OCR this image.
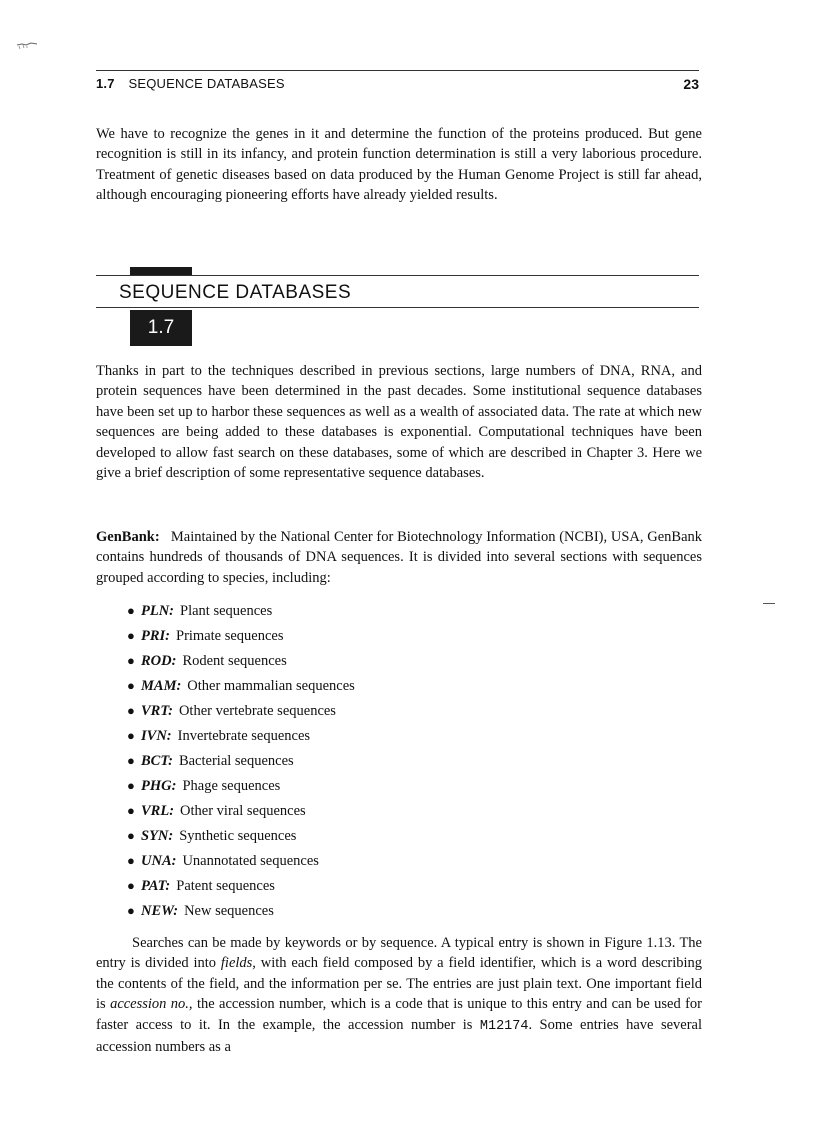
1.7 SEQUENCE DATABASES	23

We have to recognize the genes in it and determine the function of the proteins produced. But gene recognition is still in its infancy, and protein function determination is still a very laborious procedure. Treatment of genetic diseases based on data produced by the Human Genome Project is still far ahead, although encouraging pioneering efforts have already yielded results.

SEQUENCE DATABASES
1.7

Thanks in part to the techniques described in previous sections, large numbers of DNA, RNA, and protein sequences have been determined in the past decades. Some institutional sequence databases have been set up to harbor these sequences as well as a wealth of associated data. The rate at which new sequences are being added to these databases is exponential. Computational techniques have been developed to allow fast search on these databases, some of which are described in Chapter 3. Here we give a brief description of some representative sequence databases.

GenBank: Maintained by the National Center for Biotechnology Information (NCBI), USA, GenBank contains hundreds of thousands of DNA sequences. It is divided into several sections with sequences grouped according to species, including:

● PLN: Plant sequences
● PRI: Primate sequences
● ROD: Rodent sequences
● MAM: Other mammalian sequences
● VRT: Other vertebrate sequences
● IVN: Invertebrate sequences
● BCT: Bacterial sequences
● PHG: Phage sequences
● VRL: Other viral sequences
● SYN: Synthetic sequences
● UNA: Unannotated sequences
● PAT: Patent sequences
● NEW: New sequences

Searches can be made by keywords or by sequence. A typical entry is shown in Figure 1.13. The entry is divided into fields, with each field composed by a field identifier, which is a word describing the contents of the field, and the information per se. The entries are just plain text. One important field is accession no., the accession number, which is a code that is unique to this entry and can be used for faster access to it. In the example, the accession number is M12174. Some entries have several accession numbers as a
